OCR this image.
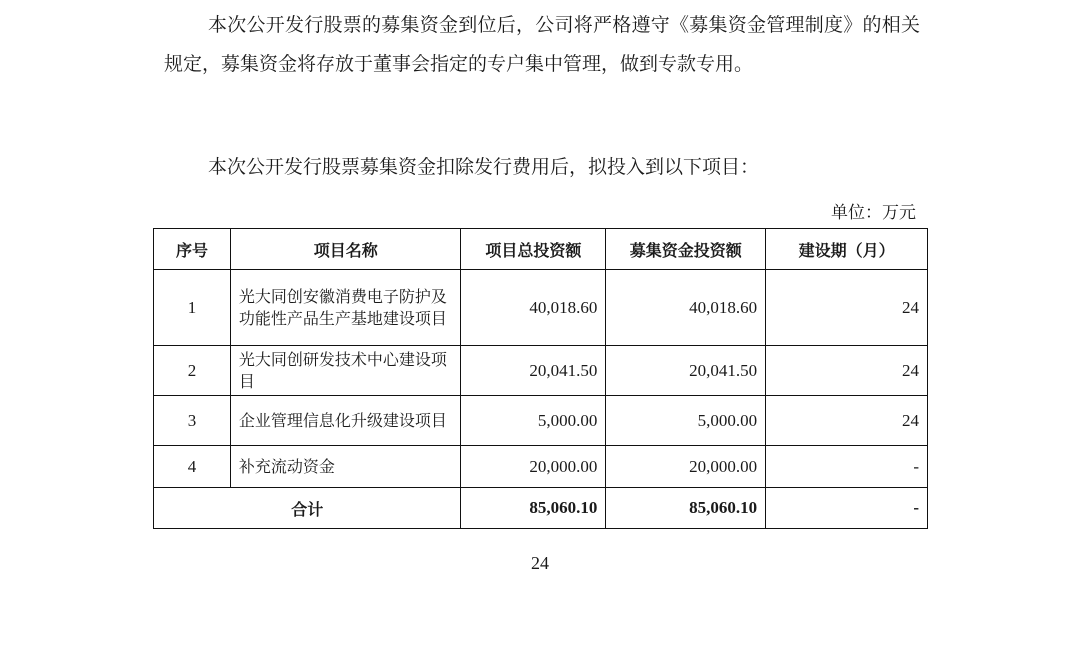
本次公开发行股票的募集资金到位后，公司将严格遵守《募集资金管理制度》的相关规定，募集资金将存放于董事会指定的专户集中管理，做到专款专用。

本次公开发行股票募集资金扣除发行费用后，拟投入到以下项目：

单位：万元
序号	项目名称	项目总投资额	募集资金投资额	建设期（月）
1	光大同创安徽消费电子防护及功能性产品生产基地建设项目	40,018.60	40,018.60	24
2	光大同创研发技术中心建设项目	20,041.50	20,041.50	24
3	企业管理信息化升级建设项目	5,000.00	5,000.00	24
4	补充流动资金	20,000.00	20,000.00	-
合计		85,060.10	85,060.10	-
24
